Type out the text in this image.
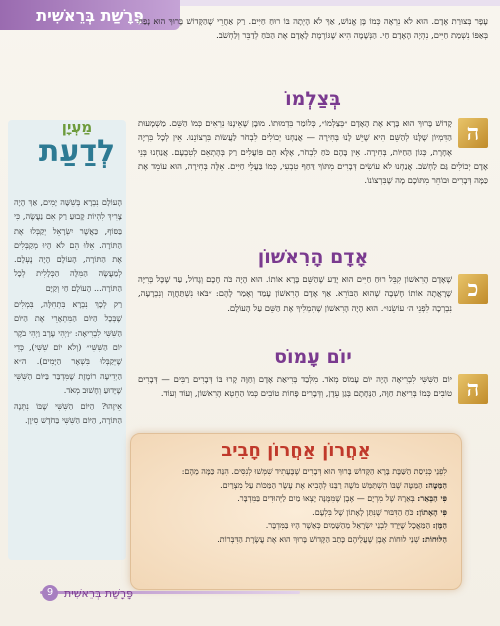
פָּרָשַׁת בְּרֵאשִׁית
מַעְיָן
לְדַעַת

הָעוֹלָם נִבְרָא בְּשִׁשָּׁה יָמִים, אַךְ הָיָה צָרִיךְ לִהְיוֹת קָבוּעַ רַק אִם נַעֲשֶׂה, כִּי בַּסּוֹף, כַּאֲשֶׁר יִשְׂרָאֵל יְקַבְּלוּ אֶת הַתּוֹרָה. אֵלּוּ הֵם לֹא הָיוּ מְקַבְּלִים אֶת הַתּוֹרָה, הָעוֹלָם הָיָה נֶעְלָם. לְמַעֲשֶׂה הַמִּלָּה הַכְּלָלִית לְכָל הַתּוֹרָה... הָעוֹלָם חַי וְקַיָּם

רַק לְכָךְ נִבְרָא בִּתְחִלָּה, בִּמְלִים שֶׁבְּכָל הַיּוֹם הַמִּתְאָרֵי אֶת הַיּוֹם הַשִּׁשִּׁי לִבְרִיאָה: ״וַיְהִי עֶרֶב וַיְהִי בֹקֶר יוֹם הַשִּׁשִּׁי״ (וְלֹא יוֹם שִׁשִּׁי), כְּדֵי שֶׁיְּקַבְּלוּ בִּשְׁאָר הַיָּמִים). ה״א הַיְדִיעָה רוֹמֶזֶת שֶׁמִּדְבַּר בַּיּוֹם הַשִּׁשִּׁי שֶׁיָּדוּעַ וְחָשׁוּב מְאֹד.

אֵיזֶהוּ? הַיּוֹם הַשִּׁשִּׁי שֶׁבּוֹ נִתְּנָה הַתּוֹרָה, הַיּוֹם הַשִּׁשִּׁי בַּחֹדֶשׁ סִיוָן.

עָפָר בְּצוּרַת אָדָם. הוּא לֹא נִרְאָה כְּמוֹ בֶּן אֱנוֹשׁ, אַךְ לֹא הָיְתָה בּוֹ רוּחַ חַיִּים. רַק אַחֲרֵי שֶׁהַקָּדוֹשׁ בָּרוּךְ הוּא נָפַח בְּאַפּוֹ נִשְׁמַת חַיִּים, נִהְיָה הָאָדָם חַי. הַנְּשָׁמָה הִיא שֶׁגּוֹרֶמֶת לָאָדָם אֶת הַכֹּחַ לְדַבֵּר וְלַחְשֹׁב.

בְּצַלְמוֹ
ה
קָדוֹשׁ בָּרוּךְ הוּא בָּרָא אֶת הָאָדָם ״בְּצַלְמוֹ״, כְּלוֹמַר בִּדְמוּתוֹ. מוּבָן שֶׁאֵינֶנּוּ נִרְאִים כְּמוֹ הַשֵּׁם. מַשְׁמָעוּת הַדִּמְיוֹן שֶׁלָּנוּ לְהַשֵּׁם הִיא שֶׁיֵּשׁ לָנוּ בְּחִירָה — אֲנַחְנוּ יְכוֹלִים לִבְחֹר לַעֲשׂוֹת בִּרְצוֹנֵנוּ. אֵין לְכָל בִּרְיָה אֶחָרֶת, כְּגוֹן הַחַיּוֹת, בְּחִירָה. אֵין בָּהֶם כֹּחַ לִבְחֹר, אֶלָּא הֵם פּוֹעֲלִים רַק בְּהֶתְאֵם לְטִבְעָם. אֲנַחְנוּ בְּנֵי אָדָם יְכוֹלִים גַּם לַחְשֹׁב. אֲנַחְנוּ לֹא עוֹשִׂים דְּבָרִים מִתּוֹךְ דַּחַף טִבְעִי, כְּמוֹ בַּעֲלֵי חַיִּים. אֵלֶּה בְּחִירָה, הוּא עוֹמֵד אֶת כַּמָּה דְּבָרִים וּבוֹחֵר מִתּוֹכָם מָה שֶׁבִּרְצוֹנוֹ.
אָדָם הָרִאשׁוֹן
כ
שֶׁאָדָם הָרִאשׁוֹן קִבֵּל רוּחַ חַיִּים הוּא יָדַע שֶׁהַשֵּׁם בָּרָא אוֹתוֹ. הוּא הָיָה כֹּה חָכָם וְגָדוֹל, עַד שֶׁכָּל בְּרִיָּה שֶׁרָאֲתָה אוֹתוֹ חָשְׁבָה שֶׁהוּא הַבּוֹרֵא. אַךְ אָדָם הָרִאשׁוֹן עָמַד וְאָמַר לָהֶם: ״בֹּאוּ נִשְׁתַּחֲוֶה וְנִכְרָעָה, נִבְרְכָה לִפְנֵי ה׳ עוֹשֵׂנוּ״. הוּא הָיָה הָרִאשׁוֹן שֶׁהִמְלִיךְ אֶת הַשֵּׁם עַל הָעוֹלָם.
יוֹם עָמוֹס
ה
יוֹם הַשִּׁשִּׁי לִבְרִיאָה הָיָה יוֹם עָמוֹס מְאֹד. מִלְּבַד בְּרִיאַת אָדָם וְחַוָּה קָרוּ בּוֹ דְּבָרִים רַבִּים — דְּבָרִים טוֹבִים כְּמוֹ בְּרִיאַת חַוָּה, הַנְּחָתָם בְּגַן עֵדֶן, וְדְּבָרִים פָּחוֹת טוֹבִים כְּמוֹ הַחֵטְא הָרִאשׁוֹן, וְעוֹד וְעוֹד.
אַחֲרוֹן אַחֲרוֹן חָבִיב

לִפְנֵי כְּנִיסַת הַשַּׁבָּת בָּרָא הַקָּדוֹשׁ בָּרוּךְ הוּא דְּבָרִים שֶׁבֶּעָתִיד שִׁמְּשׁוּ לְנִסִּים. הִנֵּה כַּמָּה מֵהֶם:

הַמַּטֶּה: הַמַּטֶּה שֶׁבּוֹ הִשְׁתַּמֵּשׁ מֹשֶׁה רַבֵּנוּ לְהָבִיא אֶת עֶשֶׂר הַמַּכּוֹת עַל מִצְרַיִם.

פִּי הַבְּאֵר: בְּאֵרָהּ שֶׁל מִרְיָם — אֶבֶן שֶׁמִּמֶּנָּה יָצְאוּ מַיִם לַיְּהוּדִים בַּמִּדְבָּר.

פִּי הָאָתוֹן: כֹּחַ הַדִּבּוּר שֶׁנִּתַּן לָאָתוֹן שֶׁל בִּלְעָם.

הַמָּן: הַמַּאֲכָל שֶׁיָּרַד לִבְנֵי יִשְׂרָאֵל מֵהַשָּׁמַיִם כְּאַשֶׁר הָיוּ בַּמִּדְבָּר.

הַלּוּחוֹת: שְׁנֵי לוּחוֹת אֶבֶן שֶׁעֲלֵיהֶם כָּתַב הַקָּדוֹשׁ בָּרוּךְ הוּא אֶת עֲשֶׂרֶת הַדִּבְּרוֹת.

9 פָּרָשַׁת בְּרֵאשִׁית
